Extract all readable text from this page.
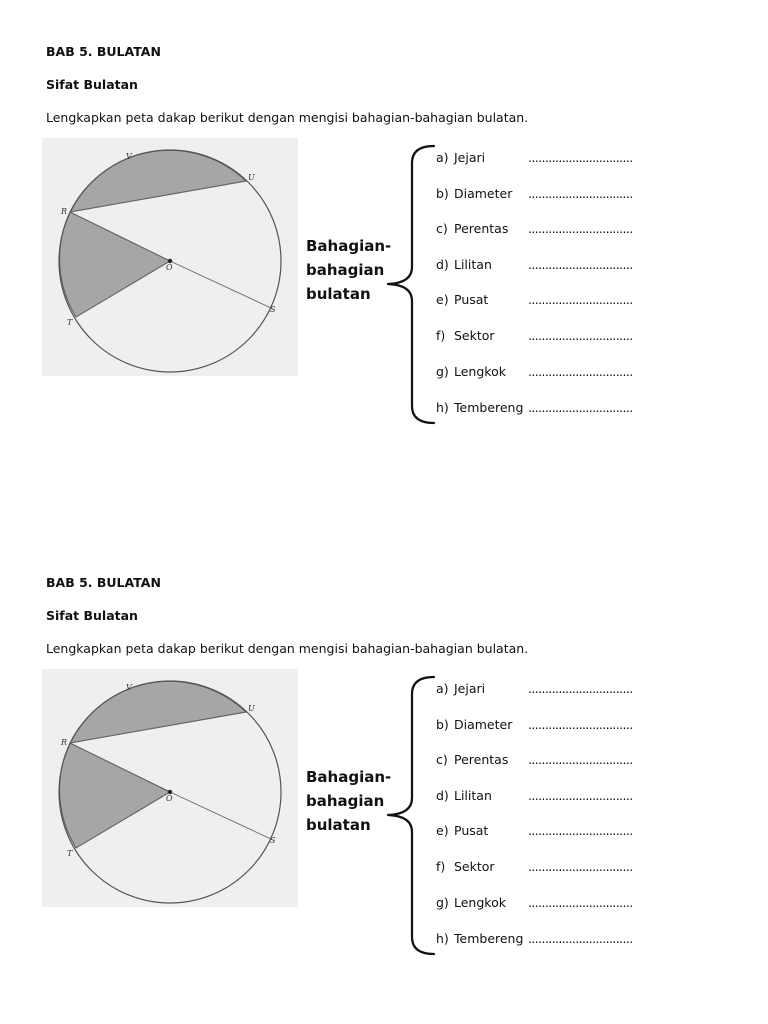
BAB 5. BULATAN

Sifat Bulatan

Lengkapkan peta dakap berikut dengan mengisi bahagian-bahagian bulatan.

V
U
R
O
T
S

Bahagian-
bahagian
bulatan

a) Jejari	...............................
b) Diameter ...............................
c) Perentas ...............................
d) Lilitan	...............................
e) Pusat	...............................
f) Sektor	...............................
g) Lengkok ...............................
h) Tembereng ...............................

BAB 5. BULATAN

Sifat Bulatan

Lengkapkan peta dakap berikut dengan mengisi bahagian-bahagian bulatan.

V
U
R
O
T
S

Bahagian-
bahagian
bulatan

a) Jejari	...............................
b) Diameter ...............................
c) Perentas ...............................
d) Lilitan	...............................
e) Pusat	...............................
f) Sektor	...............................
g) Lengkok ...............................
h) Tembereng ...............................
